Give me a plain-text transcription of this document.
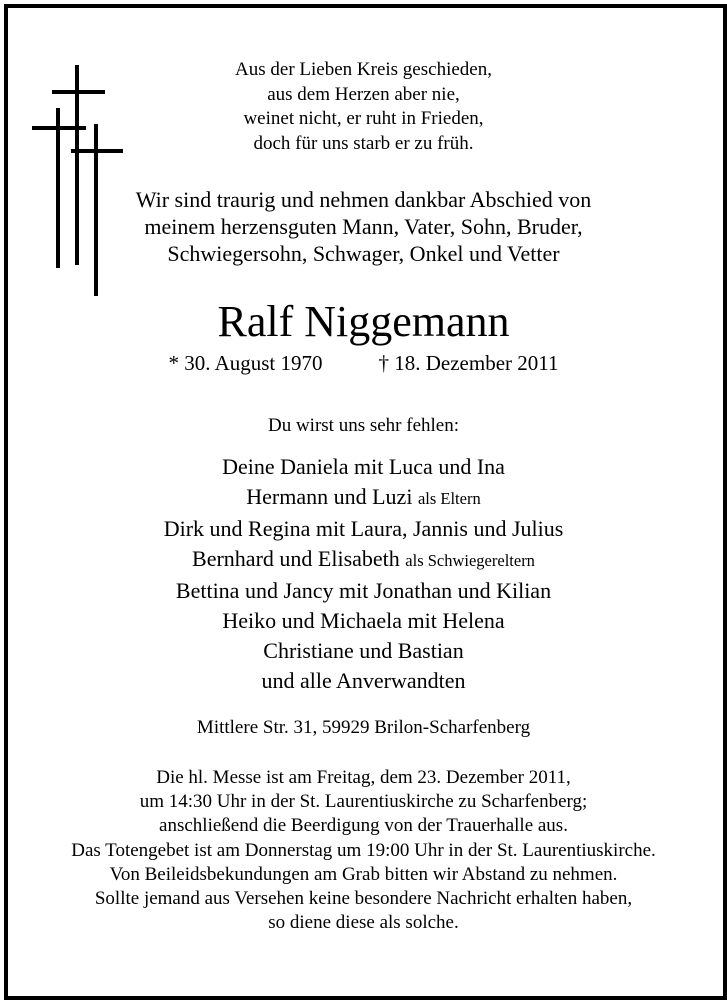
Aus der Lieben Kreis geschieden,
aus dem Herzen aber nie,
weinet nicht, er ruht in Frieden,
doch für uns starb er zu früh.
Wir sind traurig und nehmen dankbar Abschied von
meinem herzensguten Mann, Vater, Sohn, Bruder,
Schwiegersohn, Schwager, Onkel und Vetter
Ralf Niggemann
* 30. August 1970	† 18. Dezember 2011
Du wirst uns sehr fehlen:
Deine Daniela mit Luca und Ina
Hermann und Luzi als Eltern
Dirk und Regina mit Laura, Jannis und Julius
Bernhard und Elisabeth als Schwiegereltern
Bettina und Jancy mit Jonathan und Kilian
Heiko und Michaela mit Helena
Christiane und Bastian
und alle Anverwandten
Mittlere Str. 31, 59929 Brilon-Scharfenberg
Die hl. Messe ist am Freitag, dem 23. Dezember 2011,
um 14:30 Uhr in der St. Laurentiuskirche zu Scharfenberg;
anschließend die Beerdigung von der Trauerhalle aus.
Das Totengebet ist am Donnerstag um 19:00 Uhr in der St. Laurentiuskirche.
Von Beileidsbekundungen am Grab bitten wir Abstand zu nehmen.
Sollte jemand aus Versehen keine besondere Nachricht erhalten haben,
so diene diese als solche.
